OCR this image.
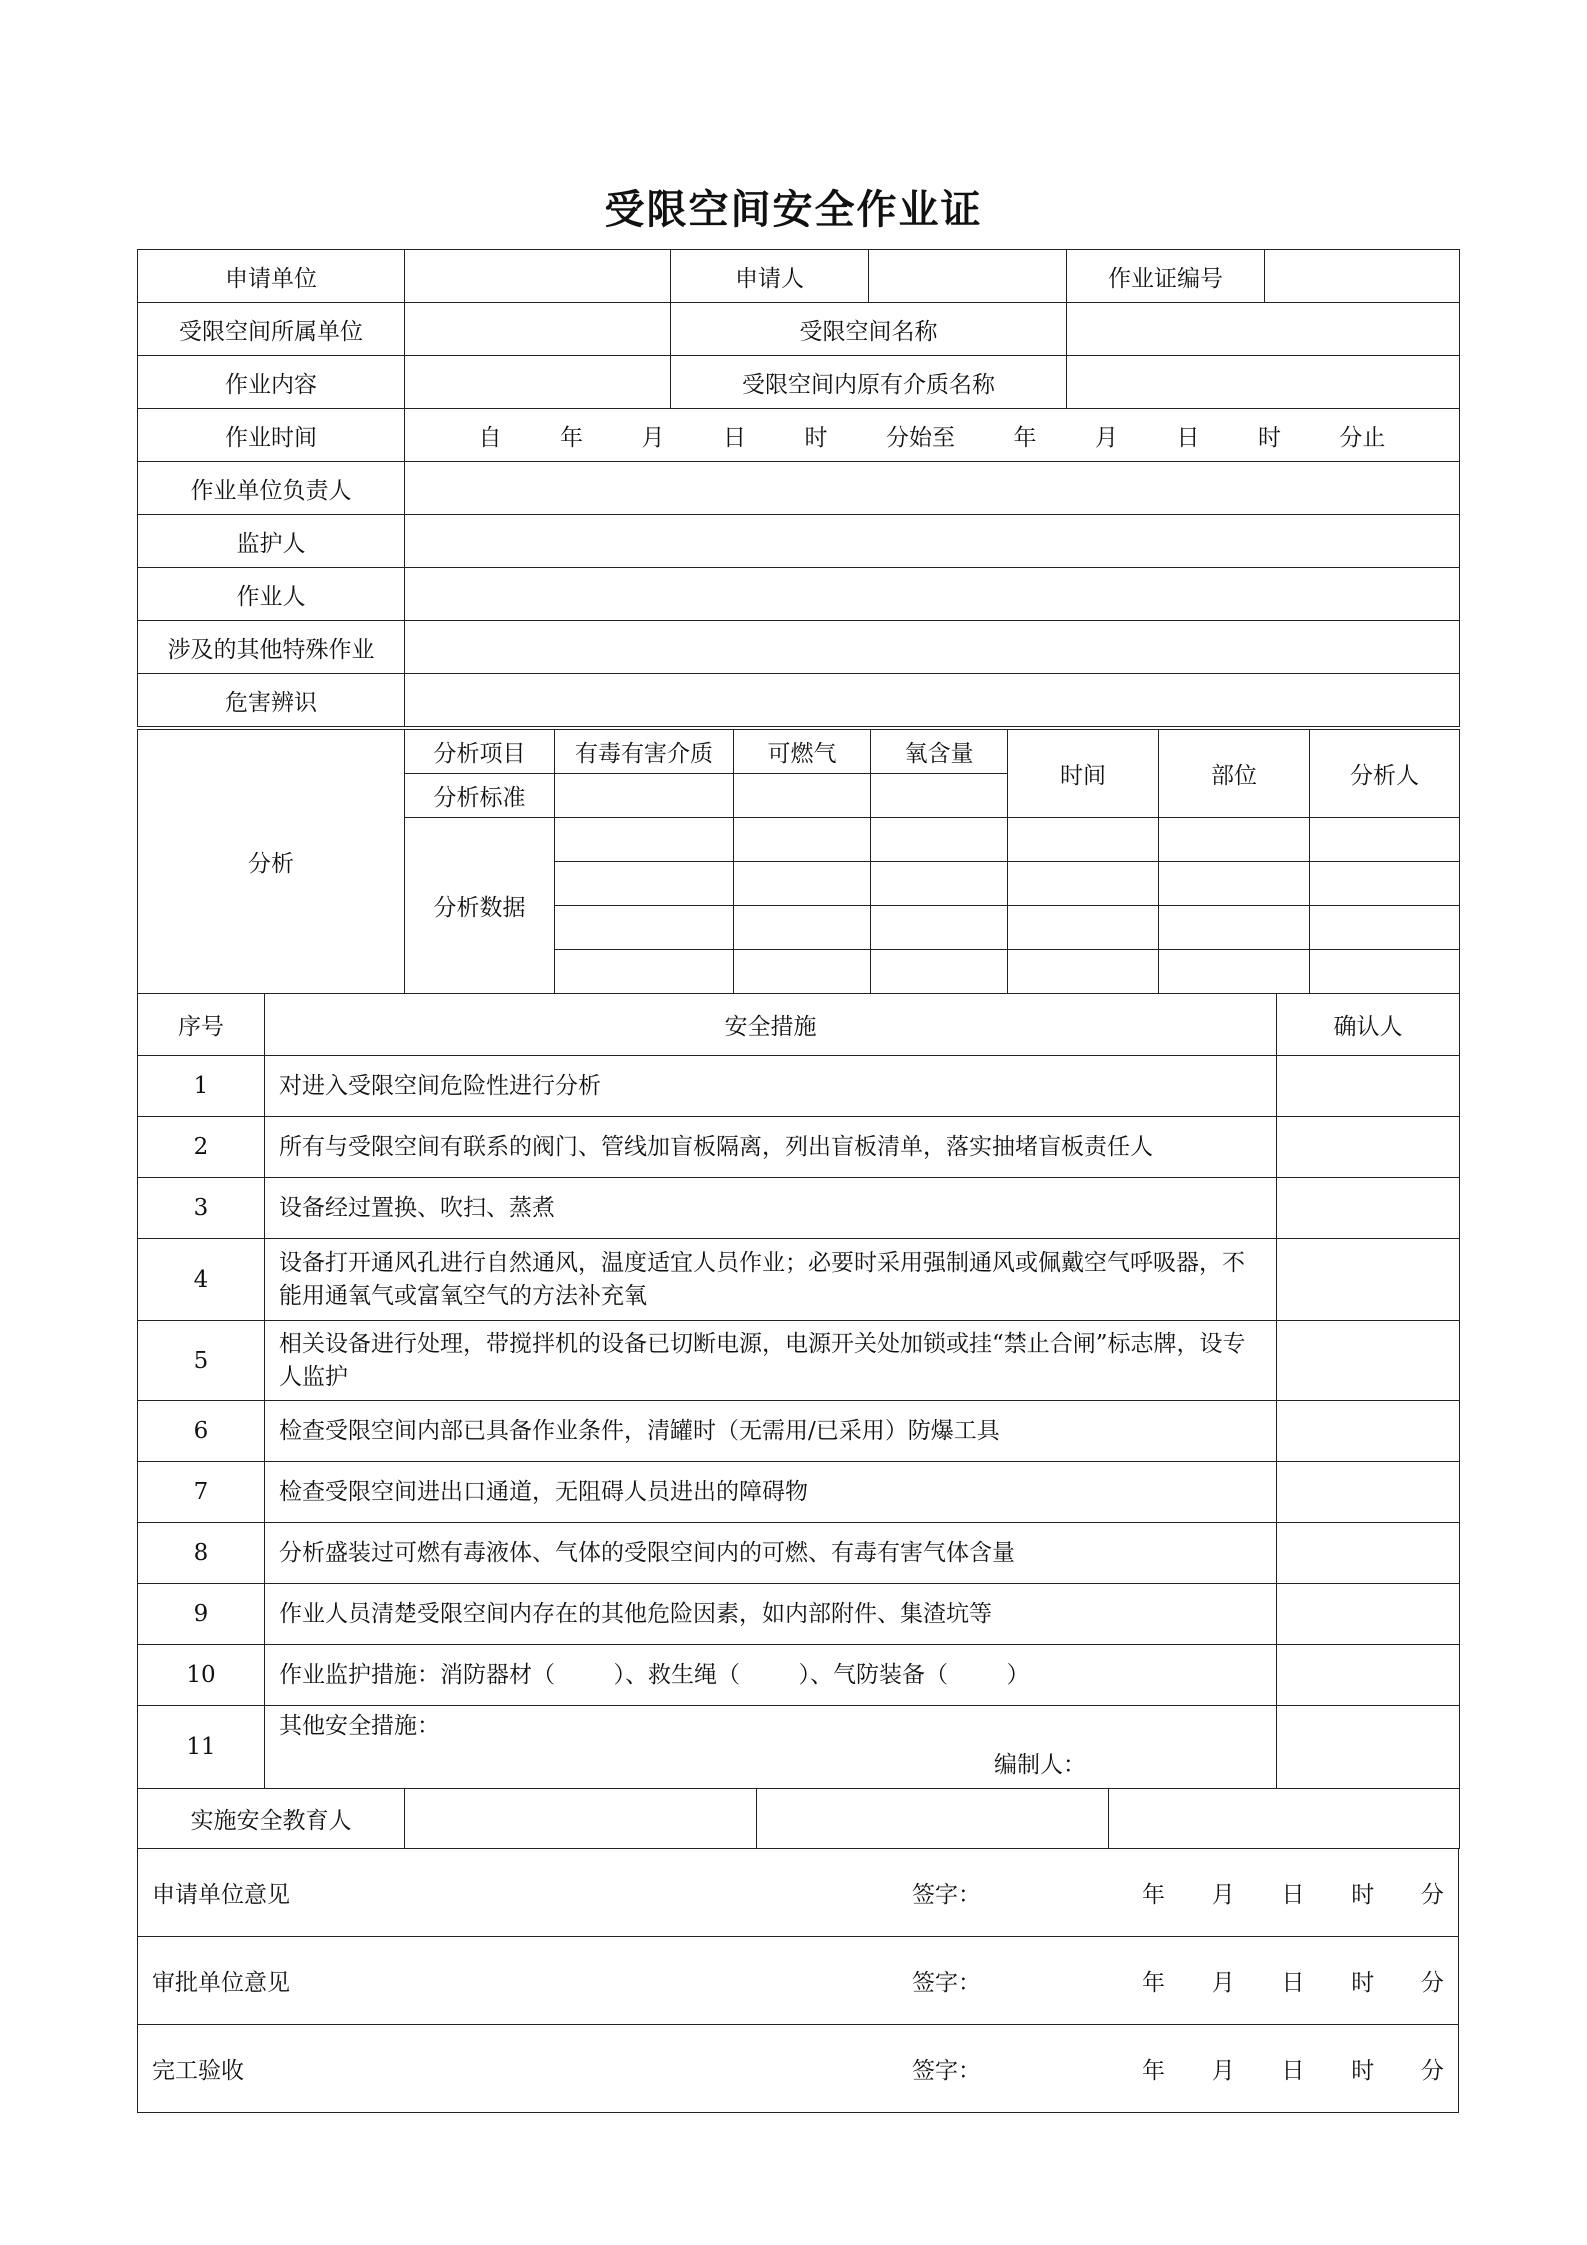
受限空间安全作业证
申请单位		申请人		作业证编号	
受限空间所属单位		受限空间名称			
作业内容		受限空间内原有介质名称			
作业时间	自        年        月        日        时        分始至        年        月        日        时        分止				
作业单位负责人					
监护人					
作业人					
涉及的其他特殊作业					
危害辨识					
分析	分析项目	有毒有害介质	可燃气	氧含量	时间	部位	分析人
	分析标准						
	分析数据						

序号	安全措施	确认人
1	对进入受限空间危险性进行分析	
2	所有与受限空间有联系的阀门、管线加盲板隔离，列出盲板清单，落实抽堵盲板责任人	
3	设备经过置换、吹扫、蒸煮	
4	设备打开通风孔进行自然通风，温度适宜人员作业；必要时采用强制通风或佩戴空气呼吸器，不能用通氧气或富氧空气的方法补充氧	
5	相关设备进行处理，带搅拌机的设备已切断电源，电源开关处加锁或挂“禁止合闸”标志牌，设专人监护	
6	检查受限空间内部已具备作业条件，清罐时（无需用/已采用）防爆工具	
7	检查受限空间进出口通道，无阻碍人员进出的障碍物	
8	分析盛装过可燃有毒液体、气体的受限空间内的可燃、有毒有害气体含量	
9	作业人员清楚受限空间内存在的其他危险因素，如内部附件、集渣坑等	
10	作业监护措施：消防器材（        ）、救生绳（        ）、气防装备（        ）	
11	其他安全措施：
编制人：	

实施安全教育人			
申请单位意见	签字：	年 月 日 时 分

审批单位意见	签字：	年 月 日 时 分

完工验收	签字：	年 月 日 时 分
